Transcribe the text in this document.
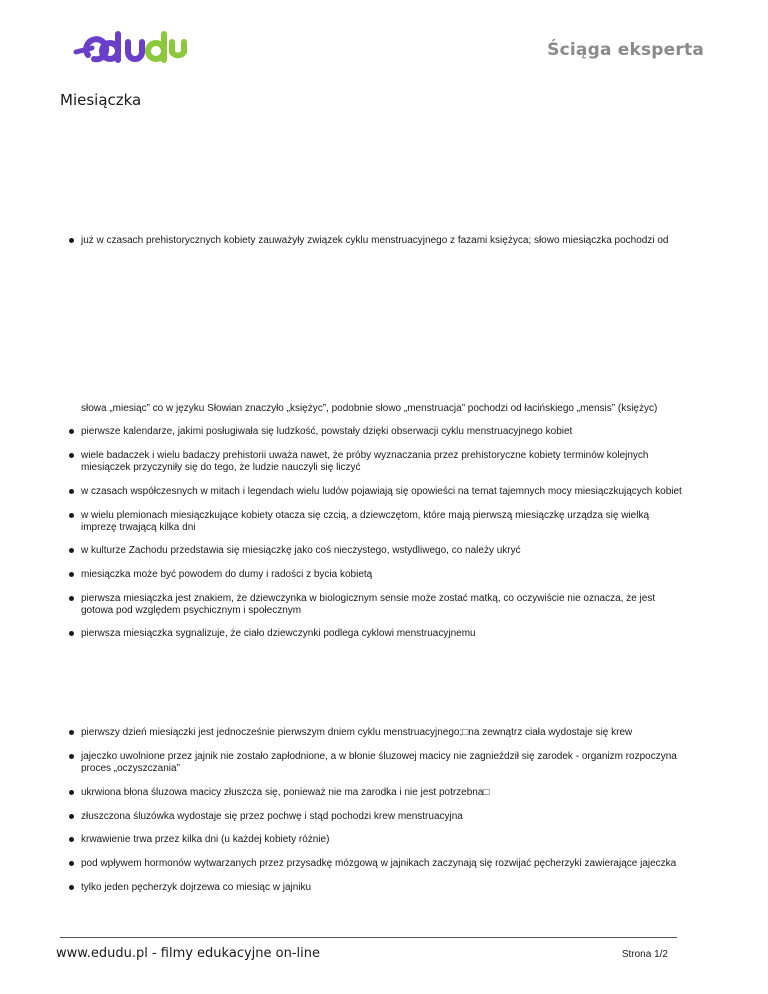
Ściąga eksperta
Miesiączka
już w czasach prehistorycznych kobiety zauważyły związek cyklu menstruacyjnego z fazami księżyca; słowo miesiączka pochodzi od
słowa „miesiąc” co w języku Słowian znaczyło „księżyc”, podobnie słowo „menstruacja” pochodzi od łacińskiego „mensis” (księżyc)
pierwsze kalendarze, jakimi posługiwała się ludzkość, powstały dzięki obserwacji cyklu menstruacyjnego kobiet
wiele badaczek i wielu badaczy prehistorii uważa nawet, że próby wyznaczania przez prehistoryczne kobiety terminów kolejnych miesiączek przyczyniły się do tego, że ludzie nauczyli się liczyć
w czasach współczesnych w mitach i legendach wielu ludów pojawiają się opowieści na temat tajemnych mocy miesiączkujących kobiet
w wielu plemionach miesiączkujące kobiety otacza się czcią, a dziewczętom, które mają pierwszą miesiączkę urządza się wielką imprezę trwającą kilka dni
w kulturze Zachodu przedstawia się miesiączkę jako coś nieczystego, wstydliwego, co należy ukryć
miesiączka może być powodem do dumy i radości z bycia kobietą
pierwsza miesiączka jest znakiem, że dziewczynka w biologicznym sensie może zostać matką, co oczywiście nie oznacza, że jest gotowa pod względem psychicznym i społecznym
pierwsza miesiączka sygnalizuje, że ciało dziewczynki podlega cyklowi menstruacyjnemu
pierwszy dzień miesiączki jest jednocześnie pierwszym dniem cyklu menstruacyjnego;□na zewnątrz ciała wydostaje się krew
jajeczko uwolnione przez jajnik nie zostało zapłodnione, a w błonie śluzowej macicy nie zagnieździł się zarodek - organizm rozpoczyna proces „oczyszczania”
ukrwiona błona śluzowa macicy złuszcza się, ponieważ nie ma zarodka i nie jest potrzebna□
złuszczona śluzówka wydostaje się przez pochwę i stąd pochodzi krew menstruacyjna
krwawienie trwa przez kilka dni (u każdej kobiety różnie)
pod wpływem hormonów wytwarzanych przez przysadkę mózgową w jajnikach zaczynają się rozwijać pęcherzyki zawierające jajeczka
tylko jeden pęcherzyk dojrzewa co miesiąc w jajniku
www.edudu.pl - filmy edukacyjne on-line	Strona 1/2
